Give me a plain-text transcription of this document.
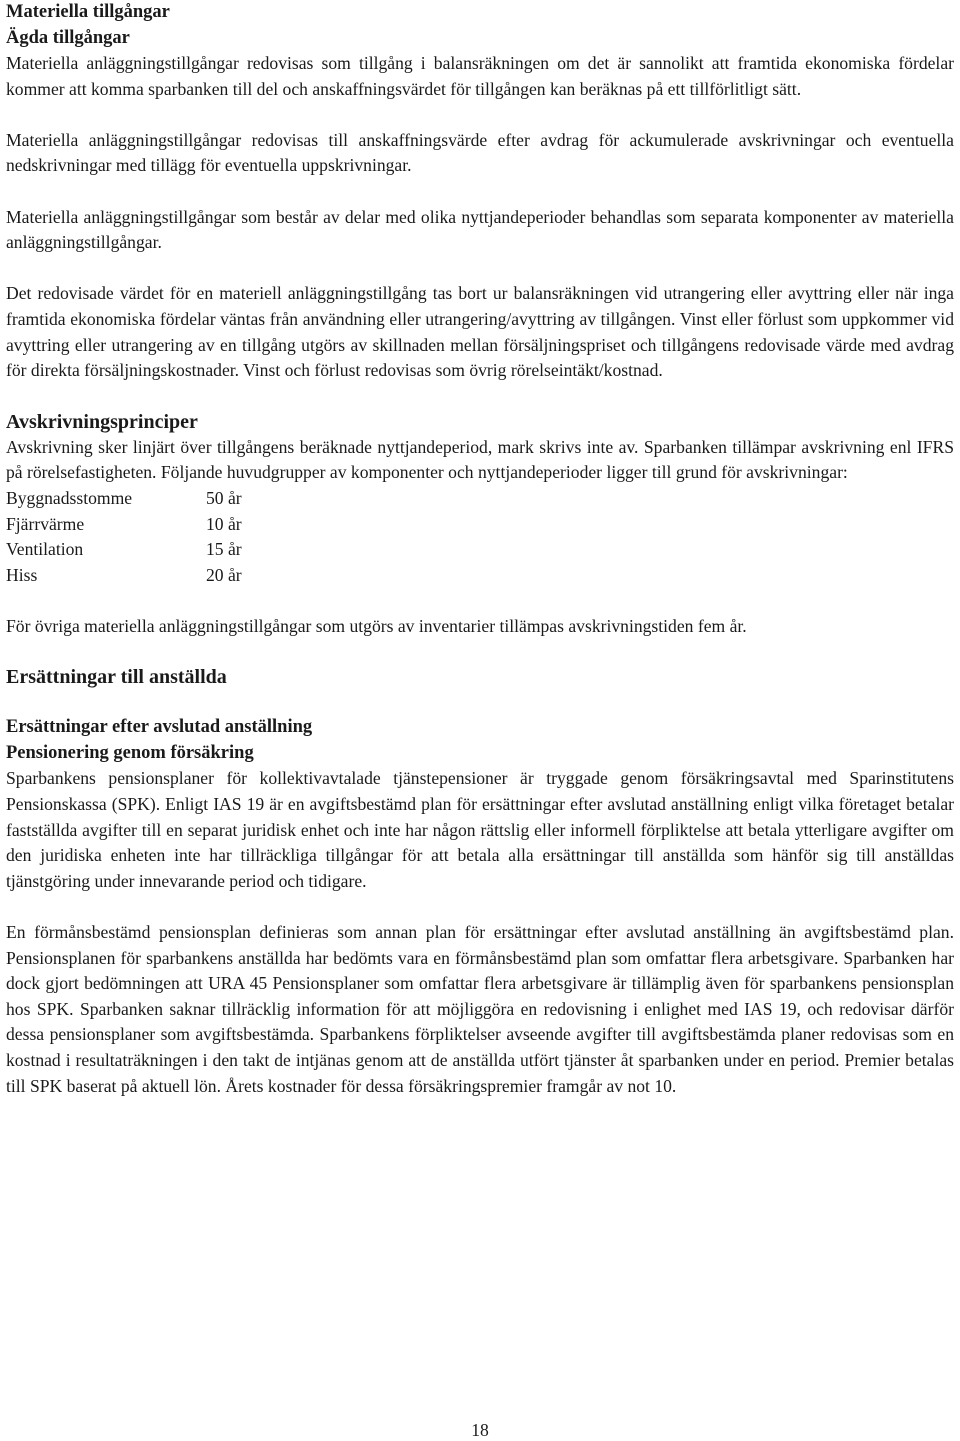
Materiella tillgångar
Ägda tillgångar

Materiella anläggningstillgångar redovisas som tillgång i balansräkningen om det är sannolikt att framtida ekonomiska fördelar kommer att komma sparbanken till del och anskaffningsvärdet för tillgången kan beräknas på ett tillförlitligt sätt.

Materiella anläggningstillgångar redovisas till anskaffningsvärde efter avdrag för ackumulerade avskrivningar och eventuella nedskrivningar med tillägg för eventuella uppskrivningar.

Materiella anläggningstillgångar som består av delar med olika nyttjandeperioder behandlas som separata komponenter av materiella anläggningstillgångar.

Det redovisade värdet för en materiell anläggningstillgång tas bort ur balansräkningen vid utrangering eller avyttring eller när inga framtida ekonomiska fördelar väntas från användning eller utrangering/avyttring av tillgången. Vinst eller förlust som uppkommer vid avyttring eller utrangering av en tillgång utgörs av skillnaden mellan försäljningspriset och tillgångens redovisade värde med avdrag för direkta försäljningskostnader. Vinst och förlust redovisas som övrig rörelseintäkt/kostnad.

Avskrivningsprinciper

Avskrivning sker linjärt över tillgångens beräknade nyttjandeperiod, mark skrivs inte av. Sparbanken tillämpar avskrivning enl IFRS på rörelsefastigheten. Följande huvudgrupper av komponenter och nyttjandeperioder ligger till grund för avskrivningar:

Byggnadsstomme	50 år
Fjärrvärme	10 år
Ventilation	15 år
Hiss	20 år

För övriga materiella anläggningstillgångar som utgörs av inventarier tillämpas avskrivningstiden fem år.

Ersättningar till anställda
Ersättningar efter avslutad anställning
Pensionering genom försäkring

Sparbankens pensionsplaner för kollektivavtalade tjänstepensioner är tryggade genom försäkringsavtal med Sparinstitutens Pensionskassa (SPK). Enligt IAS 19 är en avgiftsbestämd plan för ersättningar efter avslutad anställning enligt vilka företaget betalar fastställda avgifter till en separat juridisk enhet och inte har någon rättslig eller informell förpliktelse att betala ytterligare avgifter om den juridiska enheten inte har tillräckliga tillgångar för att betala alla ersättningar till anställda som hänför sig till anställdas tjänstgöring under innevarande period och tidigare.

En förmånsbestämd pensionsplan definieras som annan plan för ersättningar efter avslutad anställning än avgiftsbestämd plan. Pensionsplanen för sparbankens anställda har bedömts vara en förmånsbestämd plan som omfattar flera arbetsgivare. Sparbanken har dock gjort bedömningen att URA 45 Pensionsplaner som omfattar flera arbetsgivare är tillämplig även för sparbankens pensionsplan hos SPK. Sparbanken saknar tillräcklig information för att möjliggöra en redovisning i enlighet med IAS 19, och redovisar därför dessa pensionsplaner som avgiftsbestämda. Sparbankens förpliktelser avseende avgifter till avgiftsbestämda planer redovisas som en kostnad i resultaträkningen i den takt de intjänas genom att de anställda utfört tjänster åt sparbanken under en period. Premier betalas till SPK baserat på aktuell lön. Årets kostnader för dessa försäkringspremier framgår av not 10.

18
